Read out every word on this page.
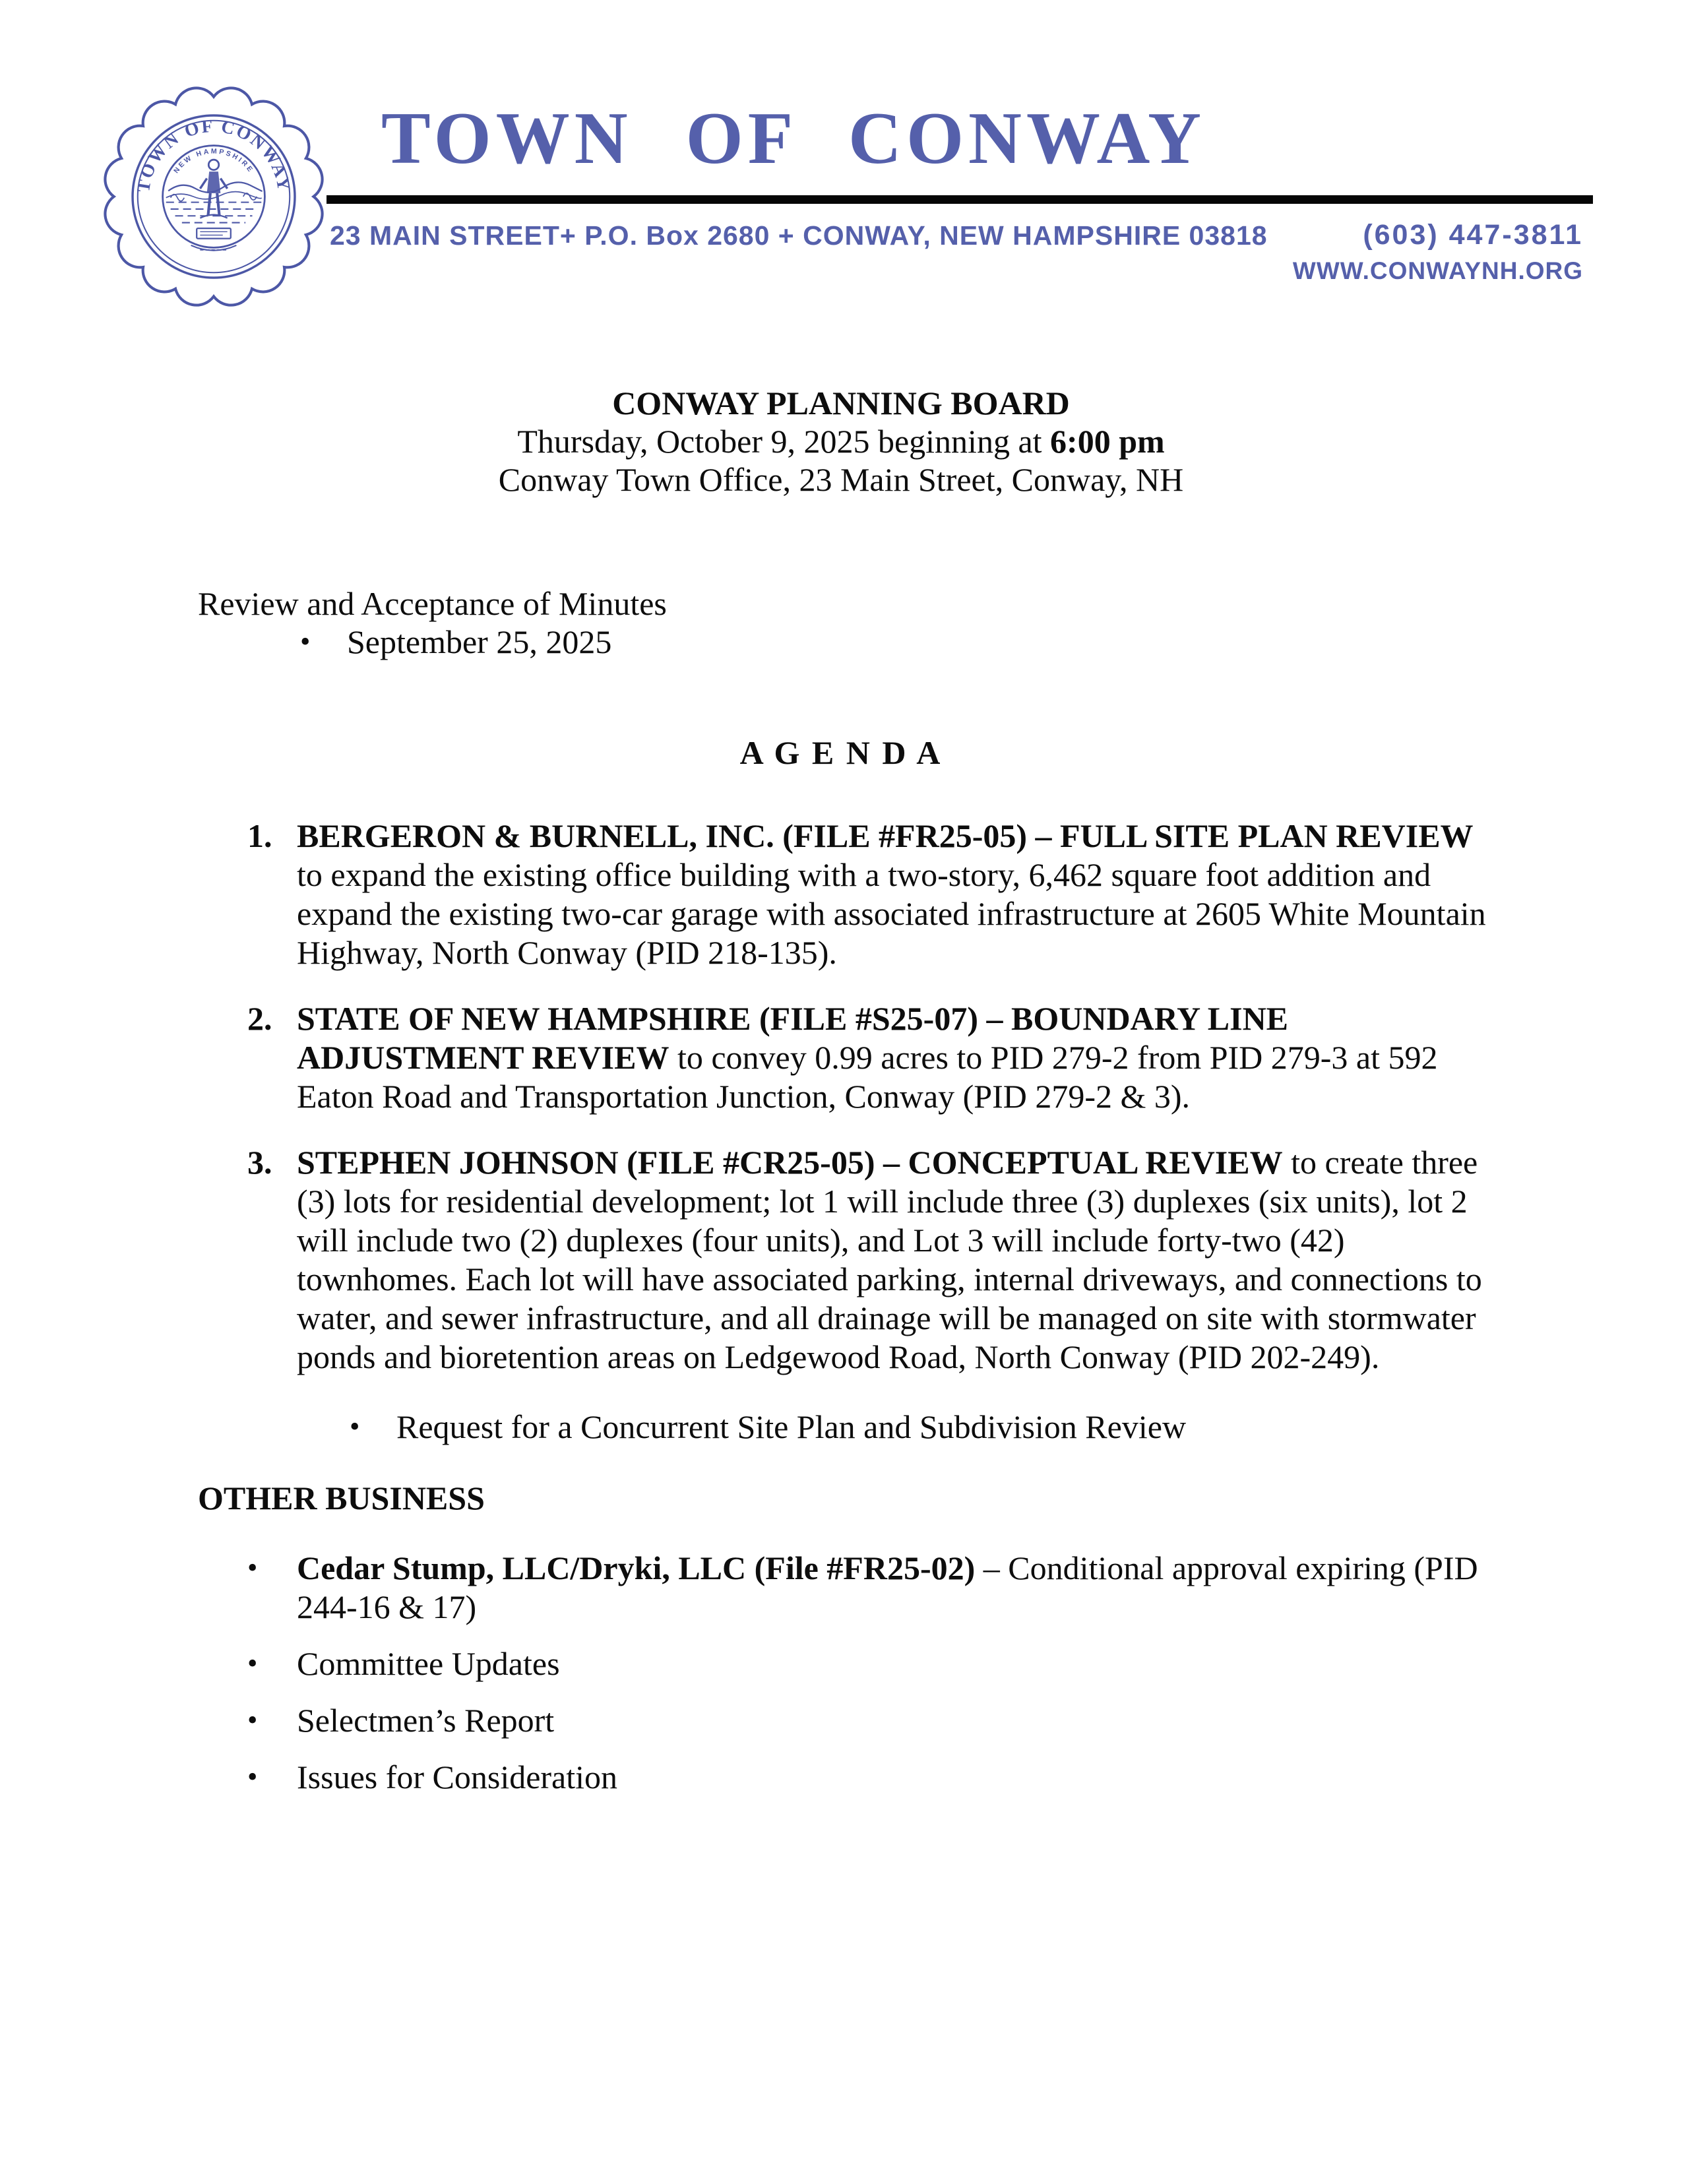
TOWN OF CONWAY
NEW HAMPSHIRE TOWN OF CONWAY
23 MAIN STREET+ P.O. Box 2680 + CONWAY, NEW HAMPSHIRE 03818	(603) 447-3811
WWW.CONWAYNH.ORG
CONWAY PLANNING BOARD
Thursday, October 9, 2025 beginning at 6:00 pm
Conway Town Office, 23 Main Street, Conway, NH
Review and Acceptance of Minutes
•	September 25, 2025
A G E N D A
1. BERGERON & BURNELL, INC. (FILE #FR25-05) – FULL SITE PLAN REVIEW to expand the existing office building with a two-story, 6,462 square foot addition and expand the existing two-car garage with associated infrastructure at 2605 White Mountain Highway, North Conway (PID 218-135).
2. STATE OF NEW HAMPSHIRE (FILE #S25-07) – BOUNDARY LINE ADJUSTMENT REVIEW to convey 0.99 acres to PID 279-2 from PID 279-3 at 592 Eaton Road and Transportation Junction, Conway (PID 279-2 & 3).
3. STEPHEN JOHNSON (FILE #CR25-05) – CONCEPTUAL REVIEW to create three (3) lots for residential development; lot 1 will include three (3) duplexes (six units), lot 2 will include two (2) duplexes (four units), and Lot 3 will include forty-two (42) townhomes. Each lot will have associated parking, internal driveways, and connections to water, and sewer infrastructure, and all drainage will be managed on site with stormwater ponds and bioretention areas on Ledgewood Road, North Conway (PID 202-249).
•	Request for a Concurrent Site Plan and Subdivision Review
OTHER BUSINESS
•	Cedar Stump, LLC/Dryki, LLC (File #FR25-02) – Conditional approval expiring (PID 244-16 & 17)
•	Committee Updates
•	Selectmen’s Report
•	Issues for Consideration
